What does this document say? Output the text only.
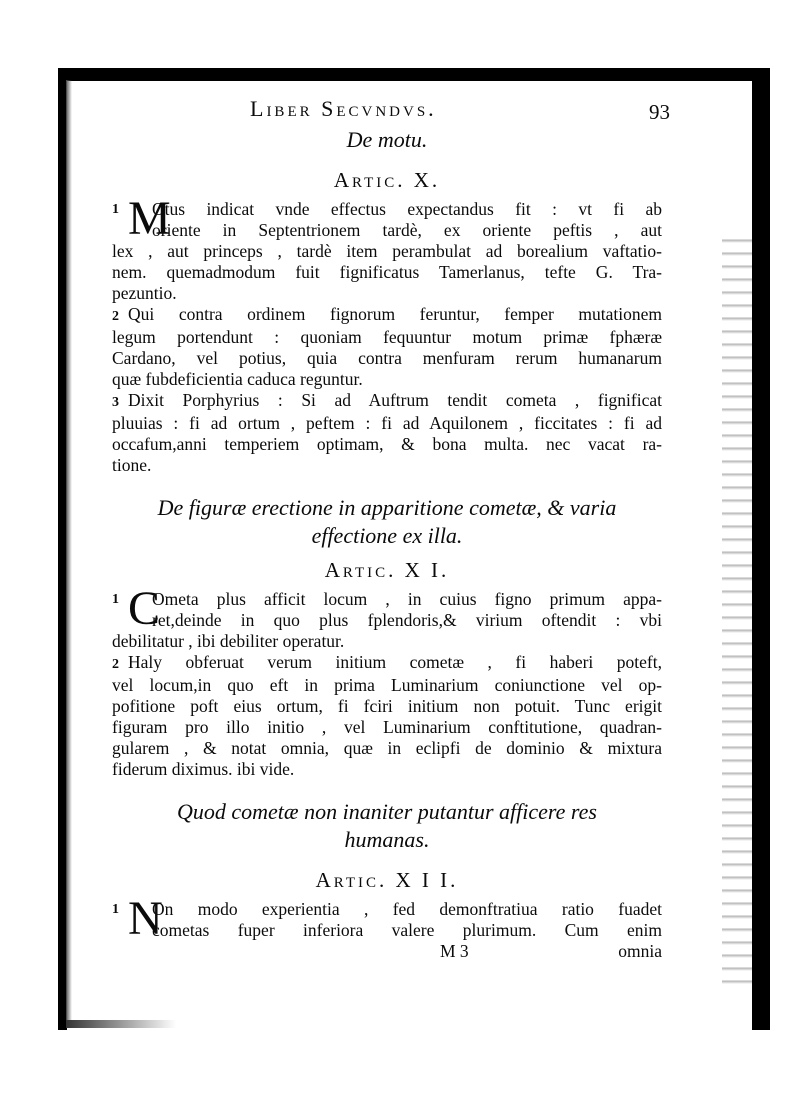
Liber Secvndvs.	93
De motu.
Artic. X.
1 M
Otus indicat vnde effectus expectandus fit : vt fi ab
oriente in Septentrionem tardè, ex oriente peftis , aut
lex , aut princeps , tardè item perambulat ad borealium vaftatio-
nem. quemadmodum fuit fignificatus Tamerlanus, tefte G. Tra-
pezuntio.
2 Qui contra ordinem fignorum feruntur, femper mutationem
legum portendunt : quoniam fequuntur motum primæ fphæræ
Cardano, vel potius, quia contra menfuram rerum humanarum
quæ fubdeficientia caduca reguntur.
3 Dixit Porphyrius : Si ad Auftrum tendit cometa , fignificat
pluuias : fi ad ortum , peftem : fi ad Aquilonem , ficcitates : fi ad
occafum,anni temperiem optimam, & bona multa. nec vacat ra-
tione.
De figuræ erectione in apparitione cometæ, & varia
effectione ex illa.
Artic. X I.
1 C
Ometa plus afficit locum , in cuius figno primum appa-
ret,deinde in quo plus fplendoris,& virium oftendit : vbi
debilitatur , ibi debiliter operatur.
2 Haly obferuat verum initium cometæ , fi haberi poteft,
vel locum,in quo eft in prima Luminarium coniunctione vel op-
pofitione poft eius ortum, fi fciri initium non potuit. Tunc erigit
figuram pro illo initio , vel Luminarium conftitutione, quadran-
gularem , & notat omnia, quæ in eclipfi de dominio & mixtura
fiderum diximus. ibi vide.
Quod cometæ non inaniter putantur afficere res
humanas.
Artic. X I I.
1 N
On modo experientia , fed demonftratiua ratio fuadet
cometas fuper inferiora valere plurimum. Cum enim
M 3	omnia
